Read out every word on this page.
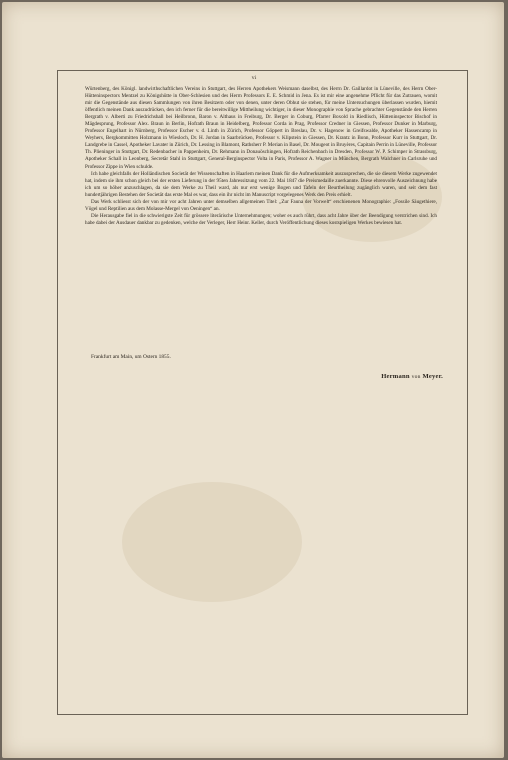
vi

Würtenberg, des Königl. landwirthschaftlichen Vereins in Stuttgart, des Herren Apothekers Weismann daselbst, des Herrn Dr. Gaillardot in Lüneville, des Herrn Ober-Hütteninspectors Mentzel zu Königshütte in Ober-Schlesien und des Herrn Professors E. E. Schmid in Jena. Es ist mir eine angenehme Pflicht für das Zutrauen, womit mir die Gegenstände aus diesen Sammlungen von ihren Besitzern oder von denen, unter deren Obhut sie stehen, für meine Untersuchungen überlassen wurden, hiemit öffentlich meinen Dank auszudrücken, den ich ferner für die bereitwillige Mittheilung wichtiger, in dieser Monographie von Sprache gebrachter Gegenstände den Herren Bergrath v. Alberti zu Friedrichshall bei Heilbronn, Baron v. Althaus in Freiburg, Dr. Berger in Coburg, Pfarrer Boxold in Riedlisch, Hütteninspector Bischof in Mägdesprung, Professor Alex. Braun in Berlin, Hofrath Braun in Heidelberg, Professor Corda in Prag, Professor Credner in Giessen, Professor Dunker in Marburg, Professor Engelhart in Nürnberg, Professor Escher v. d. Linth in Zürich, Professor Göppert in Breslau, Dr. v. Hagenow in Greifswalde, Apotheker Hassencamp in Weyhers, Bergkommitten Holzmann in Wiesloch, Dr. H. Jordan in Saarbrücken, Professor v. Klipstein in Giessen, Dr. Krantz in Bonn, Professor Kurr in Stuttgart, Dr. Landgrebe in Cassel, Apotheker Lavater in Zürich, Dr. Lessing in Blamont, Rathsherr P. Merian in Basel, Dr. Mougeot in Bruyères, Capitain Perrin in Lüneville, Professor Th. Plieninger in Stuttgart, Dr. Redenbacher in Pappenheim, Dr. Rehmann in Donauöschingen, Hofrath Reichenbach in Dresden, Professor W. P. Schimper in Strassburg, Apotheker Schall in Leonberg, Secretär Stahl in Stuttgart, General-Berginspector Volta in Paris, Professor A. Wagner in München, Bergrath Walchner in Carlsruhe und Professor Zippe in Wien schulde.

Ich habe gleichfalls der Holländischen Societät der Wissenschaften in Haarlem meinen Dank für die Aufmerksamkeit auszusprechen, die sie diesem Werke zugewendet hat, indem sie ihm schon gleich bei der ersten Lieferung in der 95ten Jahressitzung vom 22. Mai 1847 die Preismedaille zuerkannte. Diese ehrenvolle Auszeichnung habe ich um so höher anzuschlagen, da sie dem Werke zu Theil ward, als nur erst wenige Bogen und Tafeln der Beurtheilung zugänglich waren, und seit dem fast hundertjährigen Bestehen der Societät das erste Mal es war, dass ein ihr nicht im Manuscript vorgelegenes Werk den Preis erhielt.

Das Werk schliesst sich der von mir vor acht Jahren unter demselben allgemeinen Titel: „Zur Fauna der Vorwelt“ erschienenen Monographie: „Fossile Säugethiere, Vögel und Reptilien aus dem Molasse-Mergel von Oeningen“ an.

Die Herausgabe fiel in die schwierigste Zeit für grössere literärische Unternehmungen; woher es auch rührt, dass acht Jahre über der Beendigung verstrichen sind. Ich habe dabei der Ausdauer dankbar zu gedenken, welche der Verleger, Herr Heinr. Keller, durch Veröffentlichung dieses kostspieligen Werkes bewiesen hat.

Frankfurt am Main, um Ostern 1855.
Hermann von Meyer.
